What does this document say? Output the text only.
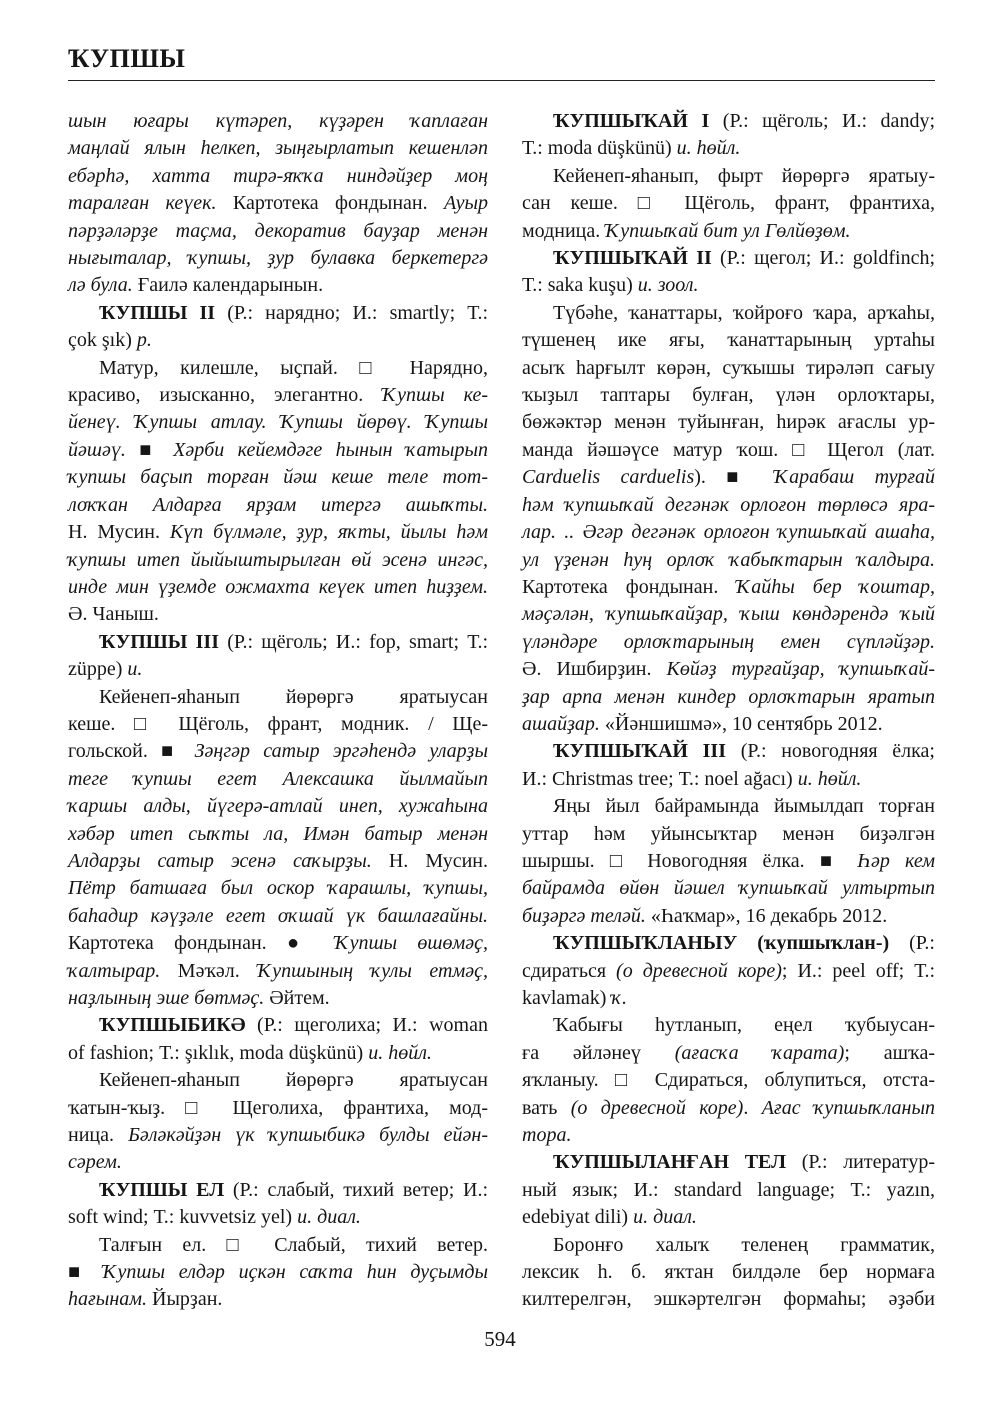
ҠУПШЫ
шын юғары күтәреп, күҙәрен ҡаплаған
маңлай ялын һелкеп, зыңғырлатып кешенләп
ебәрһә, хатта тирә-яҡҡа ниндәйҙер моң
таралған кеүек. Картотека фондынан. Ауыр
пәрҙәләрҙе таҫма, декоратив бауҙар менән
нығыталар, ҡупшы, ҙур булавка беркетергә
лә була. Ғаилә календарынын.
ҠУПШЫ II (Р.: нарядно; И.: smartly; Т.:
çok şık) р.
Матур, килешле, ыҫпай. □ Нарядно,
красиво, изысканно, элегантно. Ҡупшы ке-
йенеү. Ҡупшы атлау. Ҡупшы йөрөү. Ҡупшы
йәшәү. ■ Хәрби кейемдәге һынын ҡатырып
ҡупшы баҫып торған йәш кеше теле тот-
лоҡҡан Алдарға ярҙам итергә ашыҡты.
Н. Мусин. Күп бүлмәле, ҙур, яҡты, йылы һәм
ҡупшы итеп йыйыштырылған өй эсенә ингәс,
инде мин үҙемде ожмахта кеүек итеп һиҙҙем.
Ә. Чаныш.
ҠУПШЫ III (Р.: щёголь; И.: fop, smart; Т.:
züppe) и.
Кейенеп-яһанып йөрөргә яратыусан
кеше. □ Щёголь, франт, модник. / Ще-
гольской. ■ Зәңгәр сатыр эргәһендә уларҙы
теге ҡупшы егет Алексашка йылмайып
ҡаршы алды, йүгерә-атлай инеп, хужаһына
хәбәр итеп сыҡты ла, Имән батыр менән
Алдарҙы сатыр эсенә саҡырҙы. Н. Мусин.
Пётр батшаға был оскор ҡарашлы, ҡупшы,
баһадир кәүҙәле егет оҡшай үк башлағайны.
Картотека фондынан. ● Ҡупшы өшөмәҫ,
ҡалтырар. Мәҡәл. Ҡупшының ҡулы етмәҫ,
наҙлының эше бөтмәҫ. Әйтем.
ҠУПШЫБИКӘ (Р.: щеголиха; И.: woman
of fashion; Т.: şıklık, moda düşkünü) и. һөйл.
Кейенеп-яһанып йөрөргә яратыусан
ҡатын-ҡыҙ. □ Щеголиха, франтиха, мод-
ница. Бәләкәйҙән үк ҡупшыбикә булды ейән-
сәрем.
ҠУПШЫ ЕЛ (Р.: слабый, тихий ветер; И.:
soft wind; Т.: kuvvetsiz yel) и. диал.
Талғын ел. □ Слабый, тихий ветер.
■ Ҡупшы елдәр иҫкән саҡта һин дуҫымды
һағынам. Йырҙан.
ҠУПШЫҠАЙ I (Р.: щёголь; И.: dandy;
Т.: moda düşkünü) и. һөйл.
Кейенеп-яһанып, фырт йөрөргә яратыу-
сан кеше. □ Щёголь, франт, франтиха,
модница. Ҡупшыҡай бит ул Гөлйөҙөм.
ҠУПШЫҠАЙ II (Р.: щегол; И.: goldfinch;
Т.: saka kuşu) и. зоол.
Түбәһе, ҡанаттары, ҡойроғо ҡара, арҡаһы,
түшенең ике яғы, ҡанаттарының уртаһы
асыҡ һарғылт көрән, суҡышы тирәләп сағыу
ҡыҙыл таптары булған, үлән орлоҡтары,
бөжәктәр менән туйынған, һирәк ағаслы ур-
манда йәшәүсе матур ҡош. □ Щегол (лат.
Carduelis carduelis). ■ Ҡарабаш турғай
һәм ҡупшыҡай дегәнәк орлоғон төрлөсә яра-
лар. .. Әгәр дегәнәк орлоғон ҡупшыҡай ашаһа,
ул үҙенән һуң орлоҡ ҡабыҡтарын ҡалдыра.
Картотека фондынан. Ҡайһы бер ҡоштар,
мәҫәлән, ҡупшыҡайҙар, ҡыш көндәрендә ҡый
үләндәре орлоҡтарының емен сүпләйҙәр.
Ә. Ишбирҙин. Көйәҙ турғайҙар, ҡупшыҡай-
ҙар арпа менән киндер орлоҡтарын яратып
ашайҙар. «Йәншишмә», 10 сентябрь 2012.
ҠУПШЫҠАЙ III (Р.: новогодняя ёлка;
И.: Christmas tree; Т.: noel ağacı) и. һөйл.
Яңы йыл байрамында йымылдап торған
уттар һәм уйынсыҡтар менән биҙәлгән
шыршы. □ Новогодняя ёлка. ■ Һәр кем
байрамда өйөн йәшел ҡупшыҡай ултыртып
биҙәргә теләй. «Һаҡмар», 16 декабрь 2012.
ҠУПШЫҠЛАНЫУ (ҡупшыҡлан-) (Р.:
сдираться (о древесной коре); И.: peel off; Т.:
kavlamak) ҡ.
Ҡабығы һутланып, еңел ҡубыусан-
ға әйләнеү (ағасҡа ҡарата); ашҡа-
яҡланыу. □ Сдираться, облупиться, отста-
вать (о древесной коре). Ағас ҡупшыҡланып
тора.
ҠУПШЫЛАНҒАН ТЕЛ (Р.: литератур-
ный язык; И.: standard language; Т.: yazın,
edebiyat dili) и. диал.
Боронғо халыҡ теленең грамматик,
лексик һ. б. яҡтан билдәле бер нормаға
килтерелгән, эшкәртелгән формаһы; әҙәби
594
